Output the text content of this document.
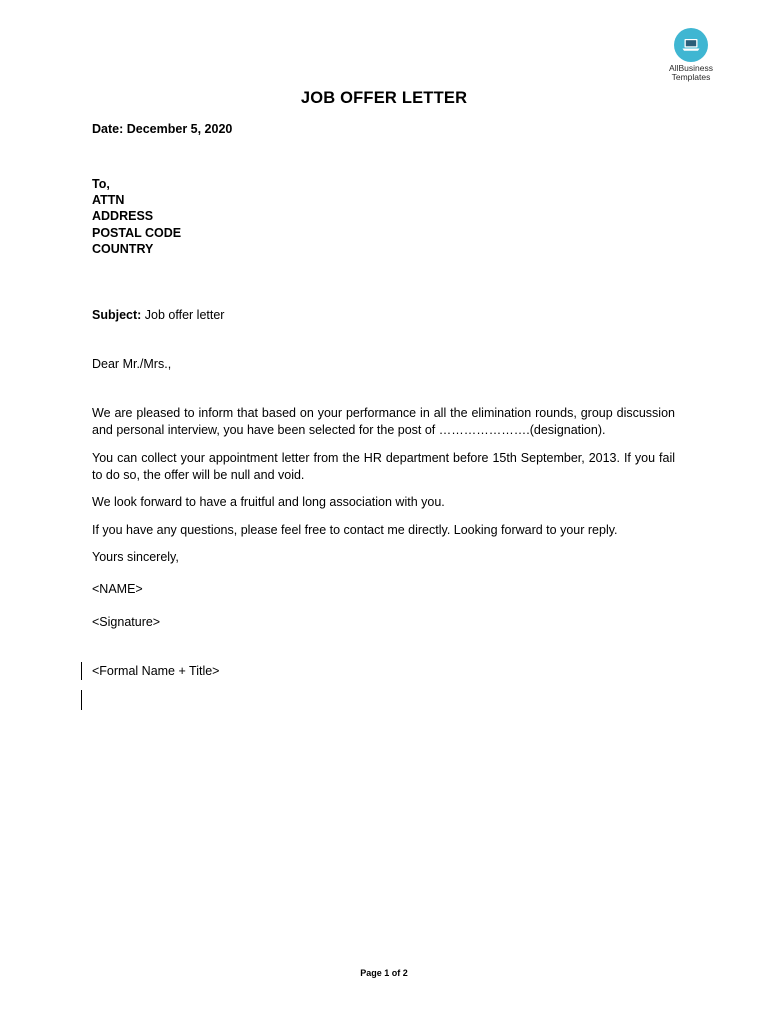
AllBusiness
Templates
JOB OFFER LETTER
Date: December 5, 2020
To,
ATTN
ADDRESS
POSTAL CODE
COUNTRY
Subject: Job offer letter
Dear Mr./Mrs.,
We are pleased to inform that based on your performance in all the elimination rounds, group discussion and personal interview, you have been selected for the post of ………………….(designation).
You can collect your appointment letter from the HR department before 15th September, 2013. If you fail to do so, the offer will be null and void.
We look forward to have a fruitful and long association with you.
If you have any questions, please feel free to contact me directly. Looking forward to your reply.
Yours sincerely,
<NAME>
<Signature>
<Formal Name + Title>
Page 1 of 2
